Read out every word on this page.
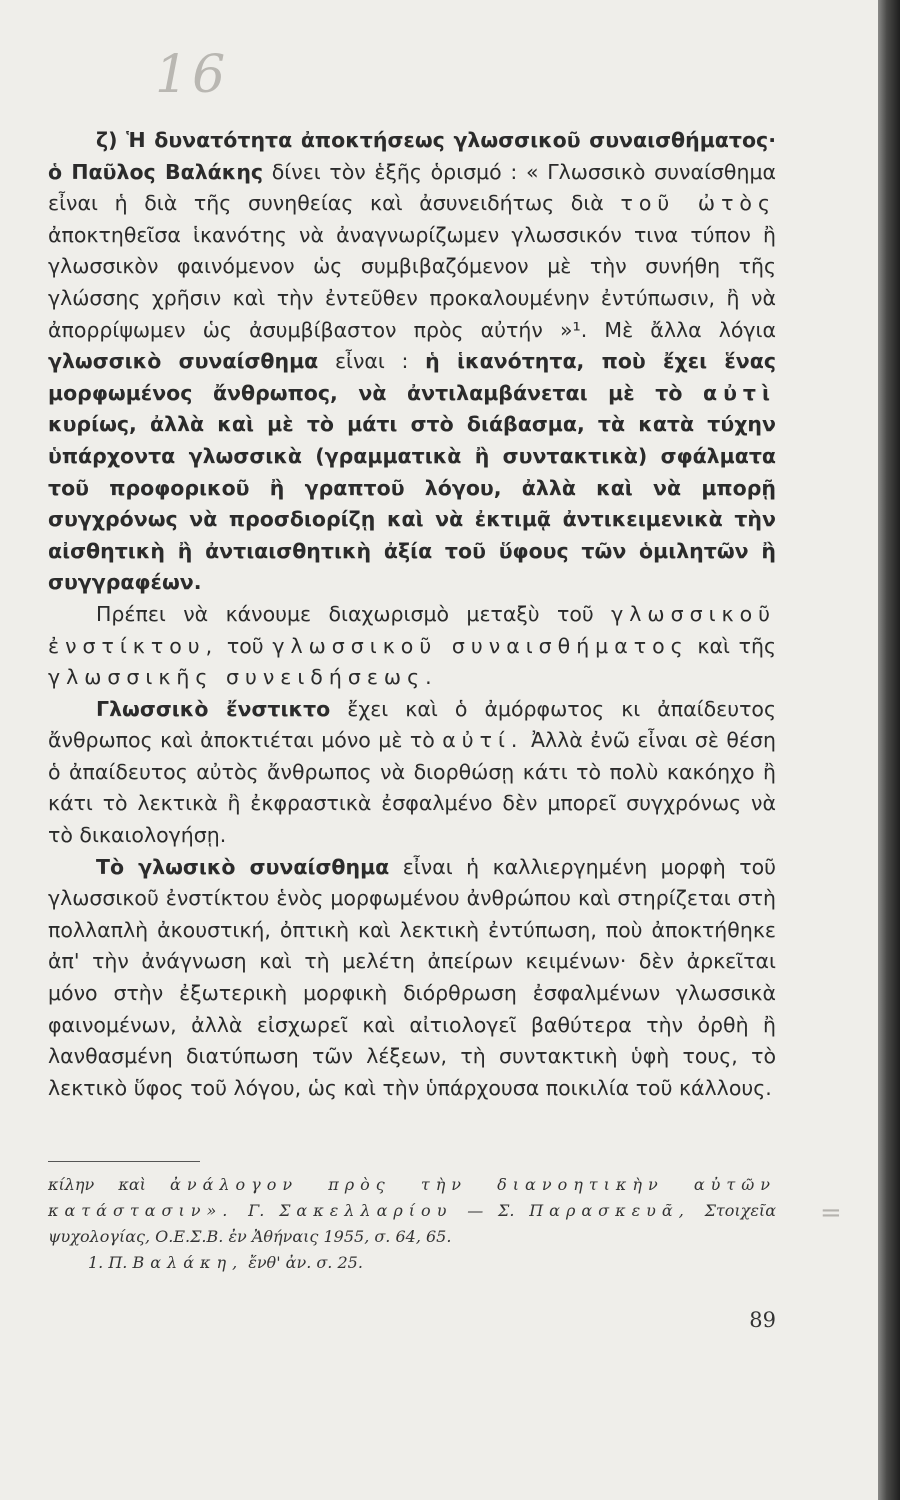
16

ζ) Ἡ δυνατότητα ἀποκτήσεως γλωσσικοῦ συναισθήματος· ὁ Παῦλος Βαλάκης δίνει τὸν ἑξῆς ὁρισμό : « Γλωσσικὸ συναίσθημα εἶναι ἡ διὰ τῆς συνηθείας καὶ ἀσυνειδήτως διὰ τοῦ ὠτὸς ἀποκτηθεῖσα ἱκανότης νὰ ἀναγνωρίζωμεν γλωσσικόν τινα τύπον ἢ γλωσσικὸν φαινόμενον ὡς συμβιβαζόμενον μὲ τὴν συνήθη τῆς γλώσσης χρῆσιν καὶ τὴν ἐντεῦθεν προκαλουμένην ἐντύπωσιν, ἢ νὰ ἀπορρίψωμεν ὡς ἀσυμβίβαστον πρὸς αὐτήν »¹. Μὲ ἄλλα λόγια γλωσσικὸ συναίσθημα εἶναι : ἡ ἱκανότητα, ποὺ ἔχει ἕνας μορφωμένος ἄνθρωπος, νὰ ἀντιλαμβάνεται μὲ τὸ αὐτὶ κυρίως, ἀλλὰ καὶ μὲ τὸ μάτι στὸ διάβασμα, τὰ κατὰ τύχην ὑπάρχοντα γλωσσικὰ (γραμματικὰ ἢ συντακτικὰ) σφάλματα τοῦ προφορικοῦ ἢ γραπτοῦ λόγου, ἀλλὰ καὶ νὰ μπορῇ συγχρόνως νὰ προσδιορίζῃ καὶ νὰ ἐκτιμᾷ ἀντικειμενικὰ τὴν αἰσθητικὴ ἢ ἀντιαισθητικὴ ἀξία τοῦ ὕφους τῶν ὁμιλητῶν ἢ συγγραφέων.

Πρέπει νὰ κάνουμε διαχωρισμὸ μεταξὺ τοῦ γλωσσικοῦ ἐνστίκτου, τοῦ γλωσσικοῦ συναισθήματος καὶ τῆς γλωσσικῆς συνειδήσεως.

Γλωσσικὸ ἔνστικτο ἔχει καὶ ὁ ἀμόρφωτος κι ἀπαίδευτος ἄνθρωπος καὶ ἀποκτιέται μόνο μὲ τὸ αὐτί. Ἀλλὰ ἐνῶ εἶναι σὲ θέση ὁ ἀπαίδευτος αὐτὸς ἄνθρωπος νὰ διορθώσῃ κάτι τὸ πολὺ κακόηχο ἢ κάτι τὸ λεκτικὰ ἢ ἐκφραστικὰ ἐσφαλμένο δὲν μπορεῖ συγχρόνως νὰ τὸ δικαιολογήσῃ.

Τὸ γλωσικὸ συναίσθημα εἶναι ἡ καλλιεργημένη μορφὴ τοῦ γλωσσικοῦ ἐνστίκτου ἑνὸς μορφωμένου ἀνθρώπου καὶ στηρίζεται στὴ πολλαπλὴ ἀκουστική, ὀπτικὴ καὶ λεκτικὴ ἐντύπωση, ποὺ ἀποκτήθηκε ἀπ' τὴν ἀνάγνωση καὶ τὴ μελέτη ἀπείρων κειμένων· δὲν ἀρκεῖται μόνο στὴν ἐξωτερικὴ μορφικὴ διόρθρωση ἐσφαλμένων γλωσσικὰ φαινομένων, ἀλλὰ εἰσχωρεῖ καὶ αἰτιολογεῖ βαθύτερα τὴν ὀρθὴ ἢ λανθασμένη διατύπωση τῶν λέξεων, τὴ συντακτικὴ ὑφὴ τους, τὸ λεκτικὸ ὕφος τοῦ λόγου, ὡς καὶ τὴν ὑπάρχουσα ποικιλία τοῦ κάλλους.

κίλην καὶ ἀνάλογον πρὸς τὴν διανοητικὴν αὐτῶν κατάστασιν». Γ. Σακελλαρίου — Σ. Παρασκευᾶ, Στοιχεῖα ψυχολογίας, Ο.Ε.Σ.Β. ἐν Ἀθήναις 1955, σ. 64, 65.

1. Π. Βαλάκη, ἔνθ' ἀν. σ. 25.

89
=
